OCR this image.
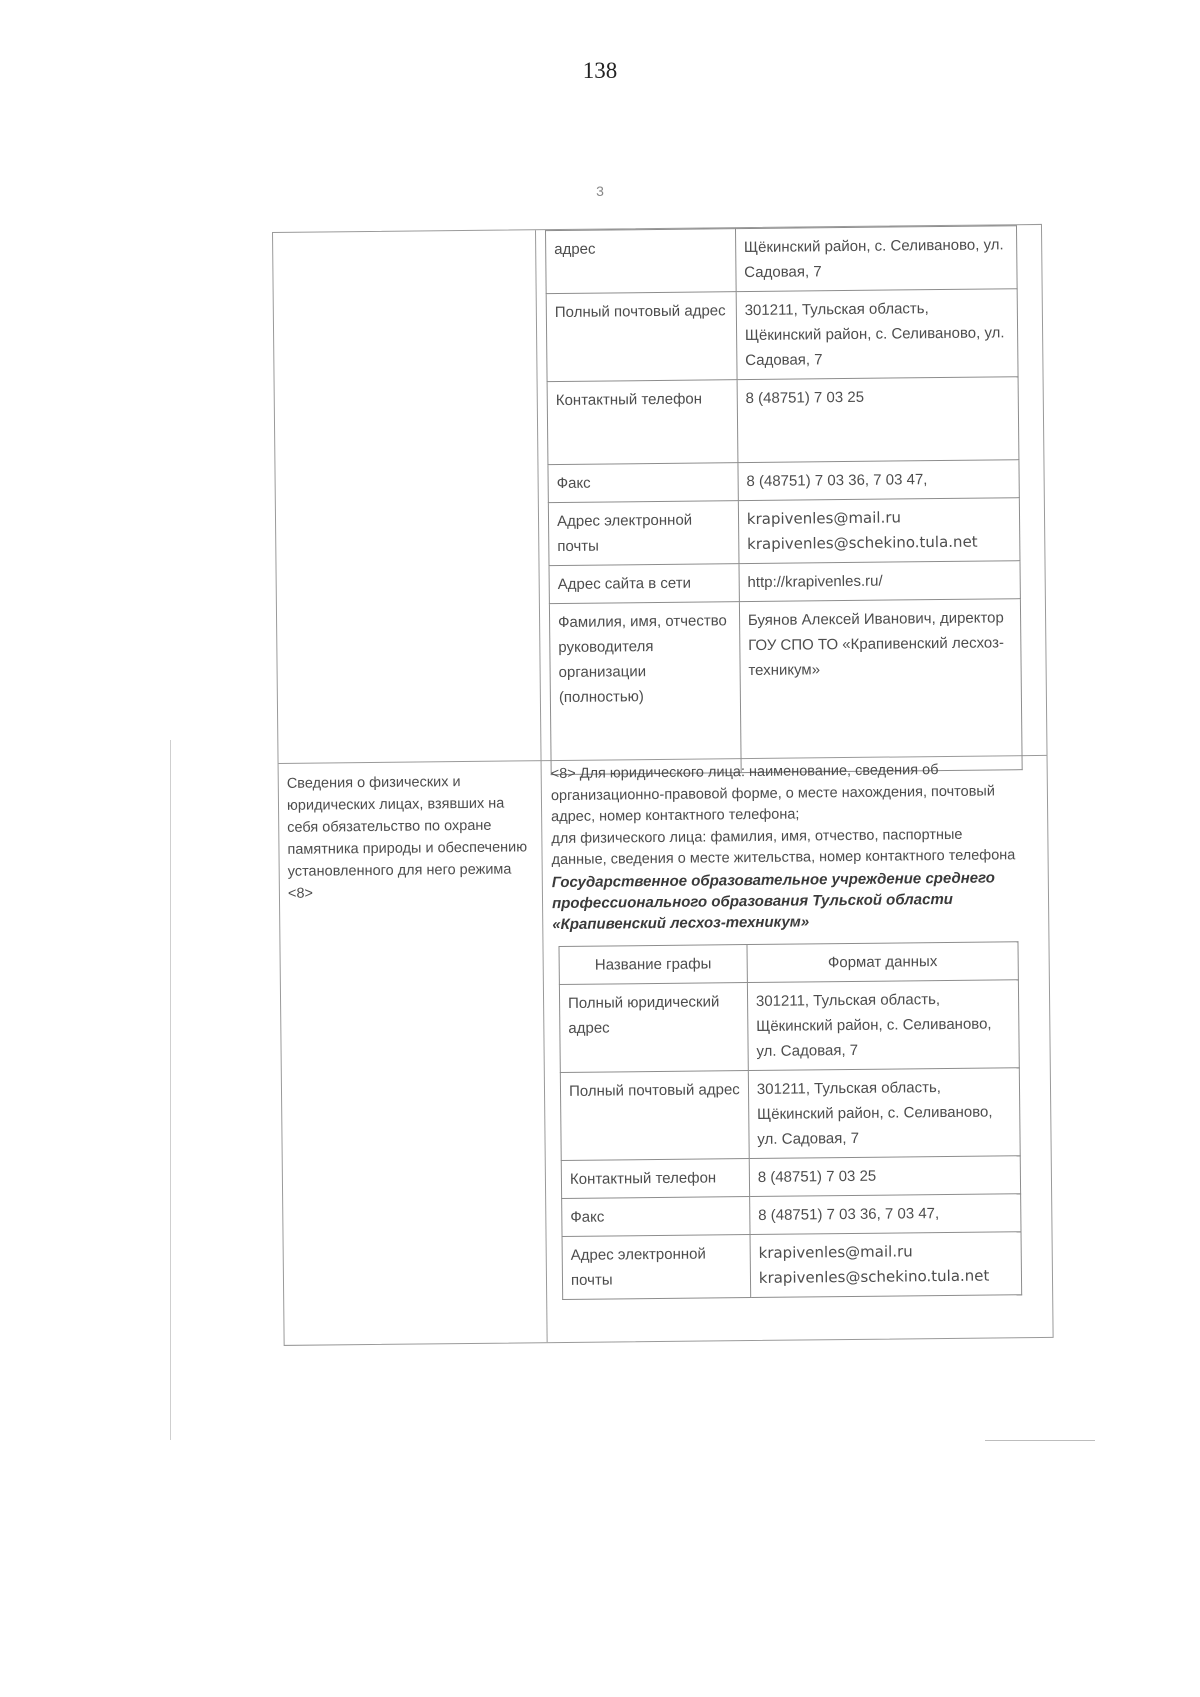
138
3
адрес	Щёкинский район, с. Селиваново, ул. Садовая, 7
Полный почтовый адрес	301211, Тульская область, Щёкинский район, с. Селиваново, ул. Садовая, 7
Контактный телефон	8 (48751) 7 03 25
Факс	8 (48751) 7 03 36, 7 03 47,
Адрес электронной почты	krapivenles@mail.ru
krapivenles@schekino.tula.net

Адрес сайта в сети	http://krapivenles.ru/
Фамилия, имя, отчество руководителя организации (полностью)	Буянов Алексей Иванович, директор ГОУ СПО ТО «Крапивенский лесхоз-техникум»
Сведения о физических и юридических лицах, взявших на себя обязательство по охране памятника природы и обеспечению установленного для него режима <8>
<8> Для юридического лица: наименование, сведения об организационно-правовой форме, о месте нахождения, почтовый адрес, номер контактного телефона;
для физического лица: фамилия, имя, отчество, паспортные данные, сведения о месте жительства, номер контактного телефона
Государственное образовательное учреждение среднего профессионального образования Тульской области «Крапивенский лесхоз-техникум»
Название графы	Формат данных
Полный юридический адрес	301211, Тульская область, Щёкинский район, с. Селиваново, ул. Садовая, 7
Полный почтовый адрес	301211, Тульская область, Щёкинский район, с. Селиваново, ул. Садовая, 7
Контактный телефон	8 (48751) 7 03 25
Факс	8 (48751) 7 03 36, 7 03 47,
Адрес электронной почты	krapivenles@mail.ru
krapivenles@schekino.tula.net
